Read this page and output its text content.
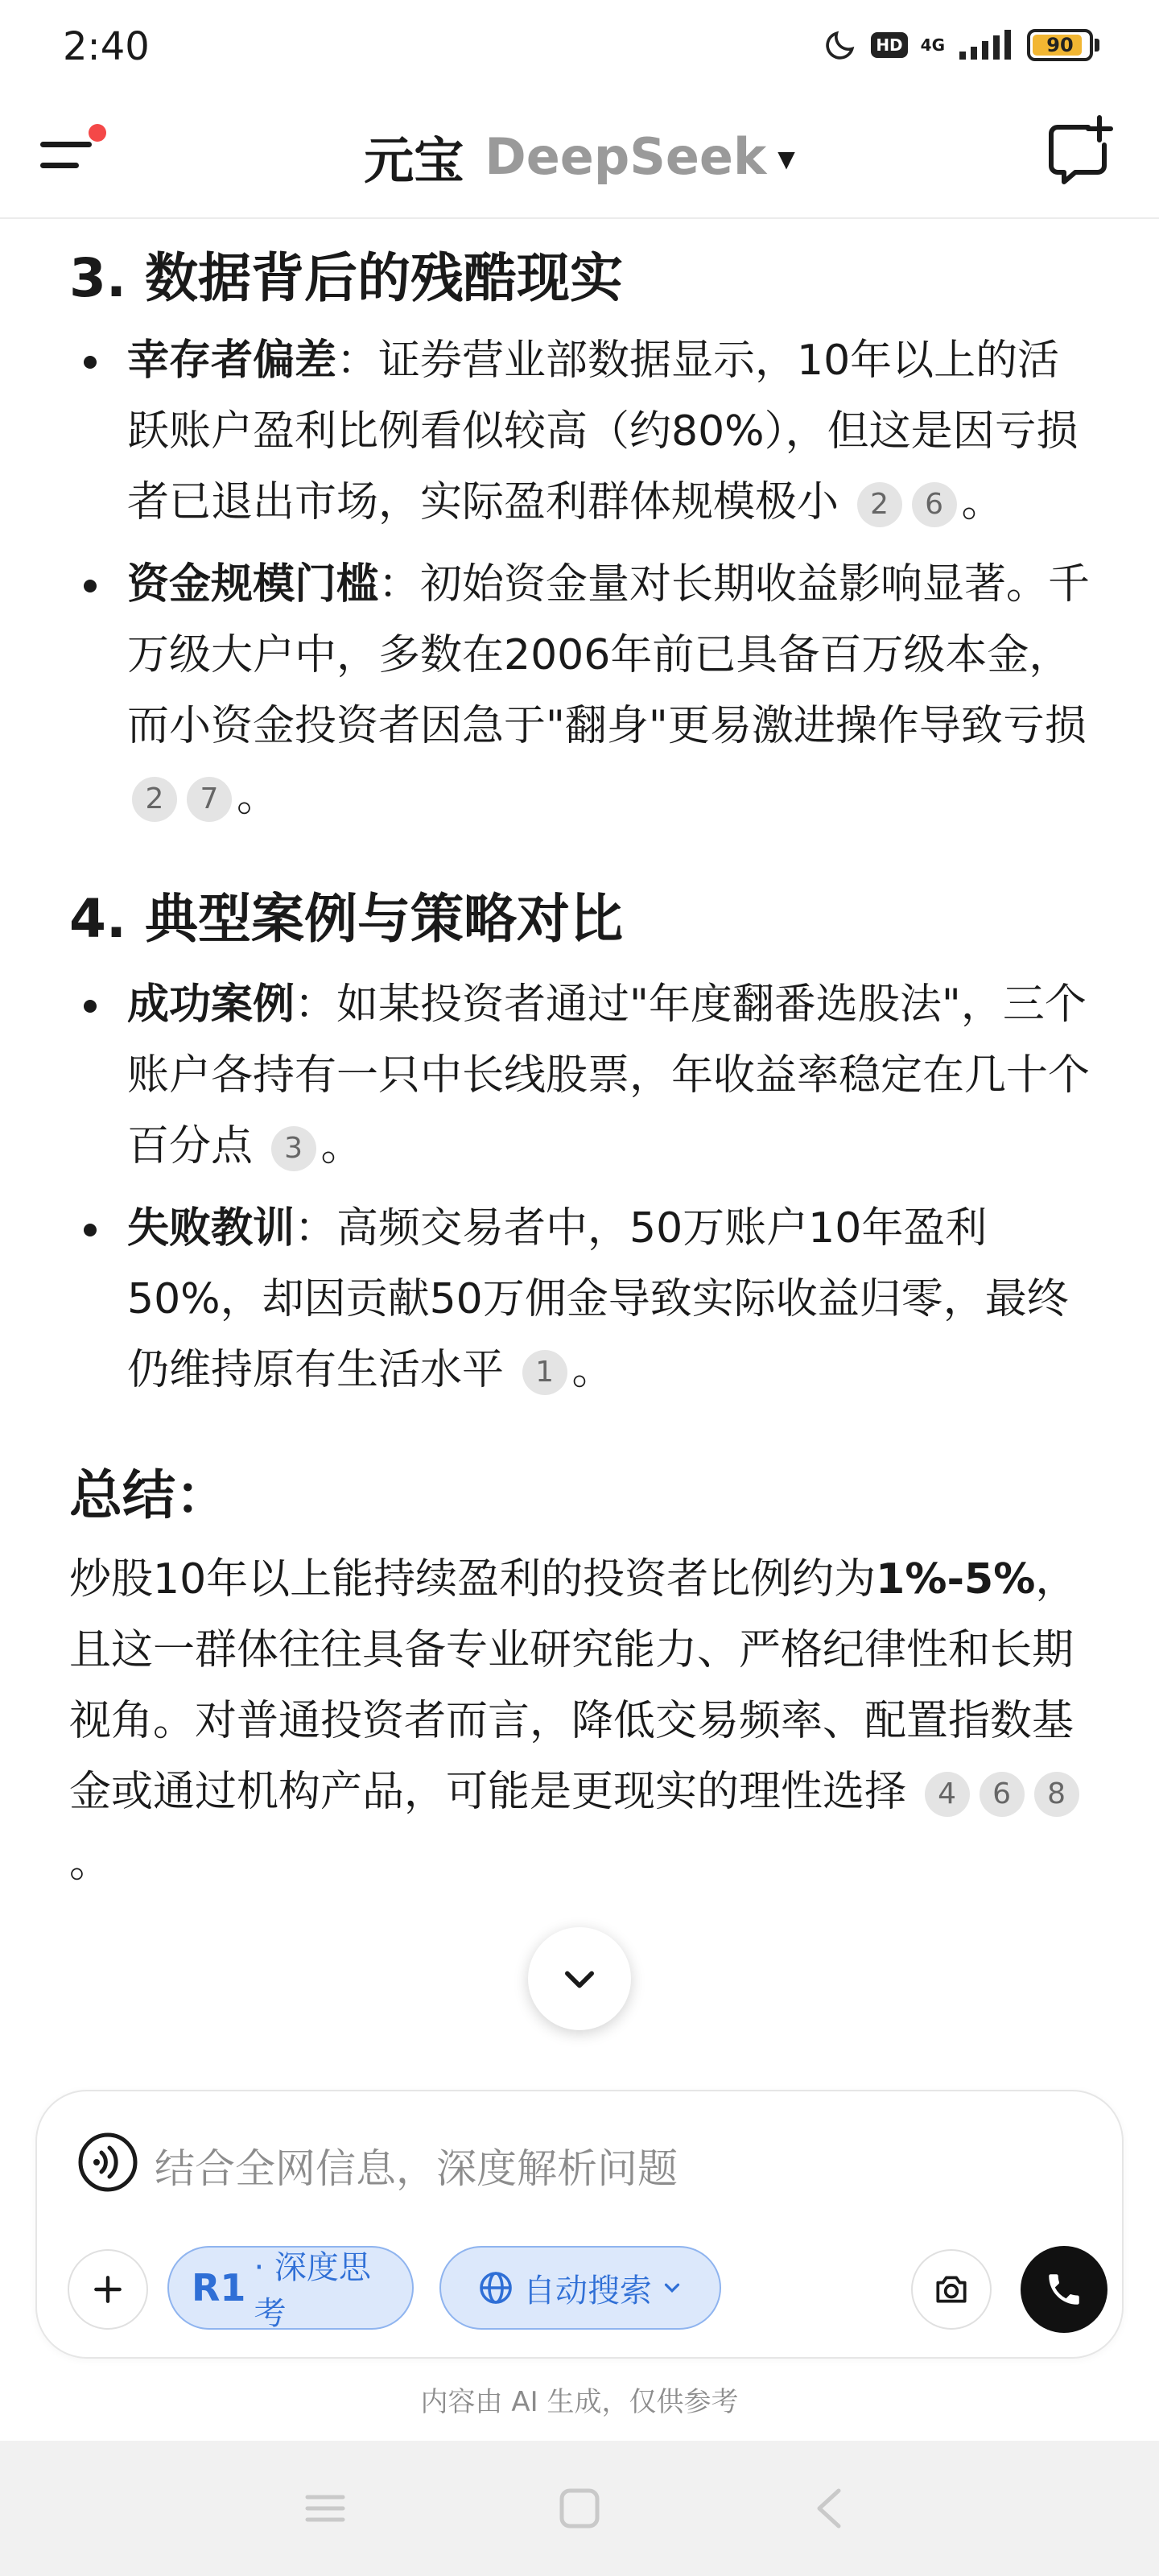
2:40	HD	4G	90
元宝 DeepSeek ▼
3. 数据背后的残酷现实
幸存者偏差：证券营业部数据显示，10年以上的活跃账户盈利比例看似较高（约80%），但这是因亏损者已退出市场，实际盈利群体规模极小 2 6 。
资金规模门槛：初始资金量对长期收益影响显著。千万级大户中，多数在2006年前已具备百万级本金，而小资金投资者因急于"翻身"更易激进操作导致亏损 2 7 。
4. 典型案例与策略对比
成功案例：如某投资者通过"年度翻番选股法"，三个账户各持有一只中长线股票，年收益率稳定在几十个百分点 3 。
失败教训：高频交易者中，50万账户10年盈利50%，却因贡献50万佣金导致实际收益归零，最终仍维持原有生活水平 1 。
总结：

炒股10年以上能持续盈利的投资者比例约为1%-5%，且这一群体往往具备专业研究能力、严格纪律性和长期视角。对普通投资者而言，降低交易频率、配置指数基金或通过机构产品，可能是更现实的理性选择 4 6 8。

结合全网信息，深度解析问题
R1 · 深度思考
自动搜索
内容由 AI 生成，仅供参考
